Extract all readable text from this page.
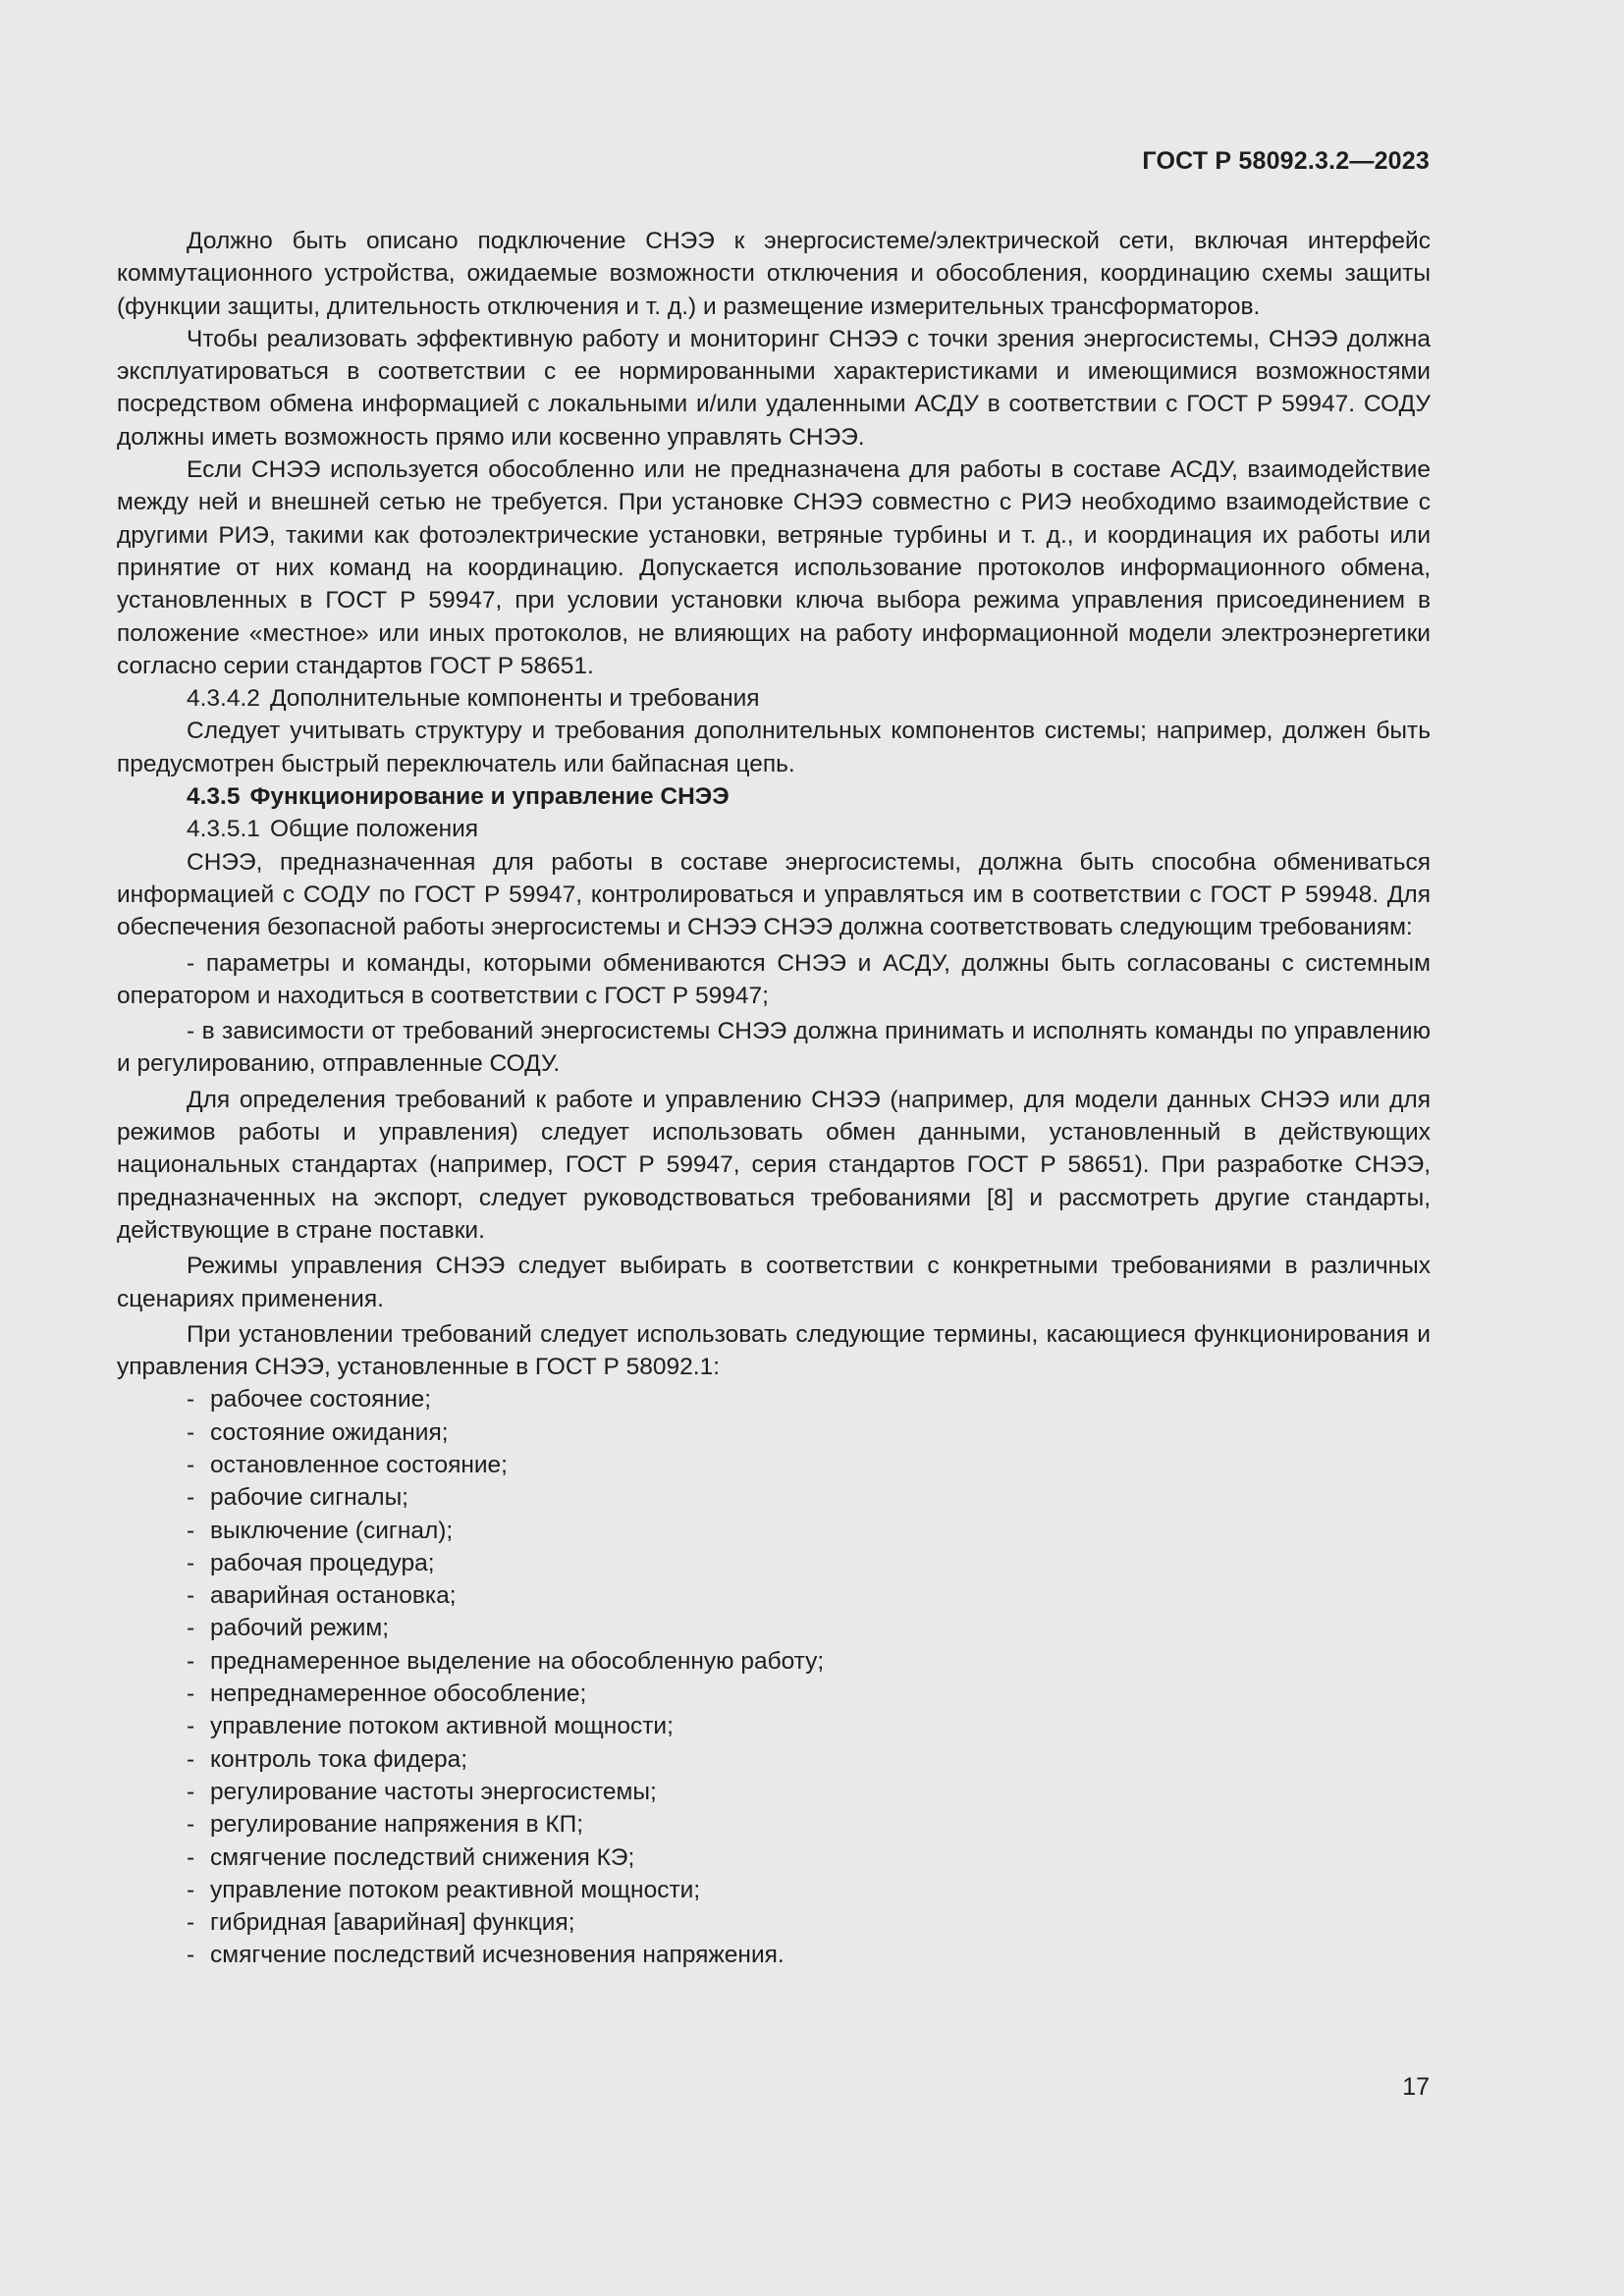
ГОСТ Р 58092.3.2—2023

Должно быть описано подключение СНЭЭ к энергосистеме/электрической сети, включая интерфейс коммутационного устройства, ожидаемые возможности отключения и обособления, координацию схемы защиты (функции защиты, длительность отключения и т. д.) и размещение измерительных трансформаторов.

Чтобы реализовать эффективную работу и мониторинг СНЭЭ с точки зрения энергосистемы, СНЭЭ должна эксплуатироваться в соответствии с ее нормированными характеристиками и имеющимися возможностями посредством обмена информацией с локальными и/или удаленными АСДУ в соответствии с ГОСТ Р 59947. СОДУ должны иметь возможность прямо или косвенно управлять СНЭЭ.

Если СНЭЭ используется обособленно или не предназначена для работы в составе АСДУ, взаимодействие между ней и внешней сетью не требуется. При установке СНЭЭ совместно с РИЭ необходимо взаимодействие с другими РИЭ, такими как фотоэлектрические установки, ветряные турбины и т. д., и координация их работы или принятие от них команд на координацию. Допускается использование протоколов информационного обмена, установленных в ГОСТ Р 59947, при условии установки ключа выбора режима управления присоединением в положение «местное» или иных протоколов, не влияющих на работу информационной модели электроэнергетики согласно серии стандартов ГОСТ Р 58651.

4.3.4.2 Дополнительные компоненты и требования

Следует учитывать структуру и требования дополнительных компонентов системы; например, должен быть предусмотрен быстрый переключатель или байпасная цепь.

4.3.5 Функционирование и управление СНЭЭ

4.3.5.1 Общие положения

СНЭЭ, предназначенная для работы в составе энергосистемы, должна быть способна обмениваться информацией с СОДУ по ГОСТ Р 59947, контролироваться и управляться им в соответствии с ГОСТ Р 59948. Для обеспечения безопасной работы энергосистемы и СНЭЭ СНЭЭ должна соответствовать следующим требованиям:

- параметры и команды, которыми обмениваются СНЭЭ и АСДУ, должны быть согласованы с системным оператором и находиться в соответствии с ГОСТ Р 59947;

- в зависимости от требований энергосистемы СНЭЭ должна принимать и исполнять команды по управлению и регулированию, отправленные СОДУ.

Для определения требований к работе и управлению СНЭЭ (например, для модели данных СНЭЭ или для режимов работы и управления) следует использовать обмен данными, установленный в действующих национальных стандартах (например, ГОСТ Р 59947, серия стандартов ГОСТ Р 58651). При разработке СНЭЭ, предназначенных на экспорт, следует руководствоваться требованиями [8] и рассмотреть другие стандарты, действующие в стране поставки.

Режимы управления СНЭЭ следует выбирать в соответствии с конкретными требованиями в различных сценариях применения.

При установлении требований следует использовать следующие термины, касающиеся функционирования и управления СНЭЭ, установленные в ГОСТ Р 58092.1:

- рабочее состояние;
- состояние ожидания;
- остановленное состояние;
- рабочие сигналы;
- выключение (сигнал);
- рабочая процедура;
- аварийная остановка;
- рабочий режим;
- преднамеренное выделение на обособленную работу;
- непреднамеренное обособление;
- управление потоком активной мощности;
- контроль тока фидера;
- регулирование частоты энергосистемы;
- регулирование напряжения в КП;
- смягчение последствий снижения КЭ;
- управление потоком реактивной мощности;
- гибридная [аварийная] функция;
- смягчение последствий исчезновения напряжения.
17
